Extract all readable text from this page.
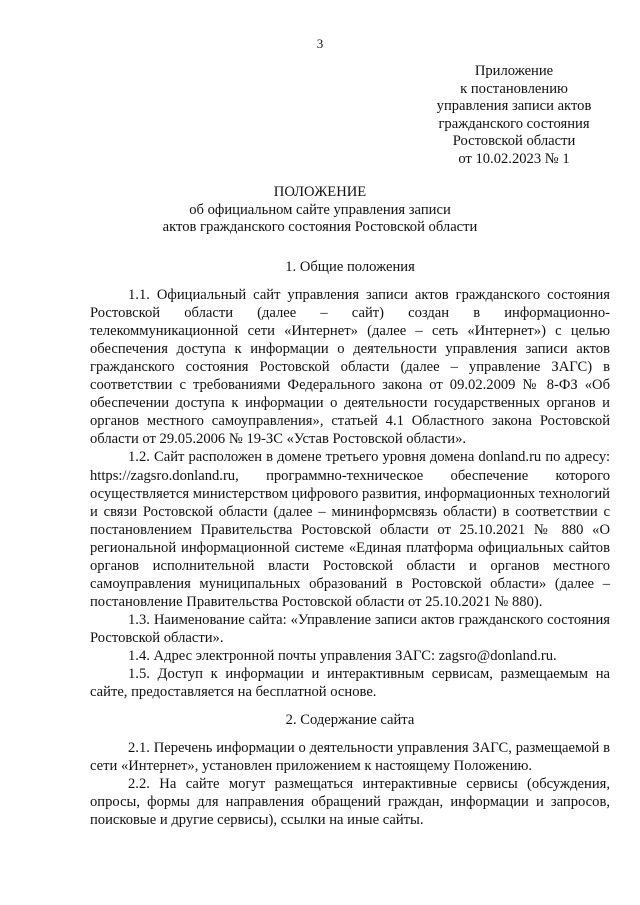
3
Приложение
к постановлению
управления записи актов
гражданского состояния
Ростовской области
от 10.02.2023 № 1
ПОЛОЖЕНИЕ
об официальном сайте управления записи
актов гражданского состояния Ростовской области

1. Общие положения

1.1. Официальный сайт управления записи актов гражданского состояния Ростовской области (далее – сайт) создан в информационно-телекоммуникационной сети «Интернет» (далее – сеть «Интернет») с целью обеспечения доступа к информации о деятельности управления записи актов гражданского состояния Ростовской области (далее – управление ЗАГС) в соответствии с требованиями Федерального закона от 09.02.2009 № 8-ФЗ «Об обеспечении доступа к информации о деятельности государственных органов и органов местного самоуправления», статьей 4.1 Областного закона Ростовской области от 29.05.2006 № 19-ЗС «Устав Ростовской области».

1.2. Сайт расположен в домене третьего уровня домена donland.ru по адресу: https://zagsro.donland.ru, программно-техническое обеспечение которого осуществляется министерством цифрового развития, информационных технологий и связи Ростовской области (далее – мининформсвязь области) в соответствии с постановлением Правительства Ростовской области от 25.10.2021 № 880 «О региональной информационной системе «Единая платформа официальных сайтов органов исполнительной власти Ростовской области и органов местного самоуправления муниципальных образований в Ростовской области» (далее – постановление Правительства Ростовской области от 25.10.2021 № 880).

1.3. Наименование сайта: «Управление записи актов гражданского состояния Ростовской области».

1.4. Адрес электронной почты управления ЗАГС: zagsro@donland.ru.

1.5. Доступ к информации и интерактивным сервисам, размещаемым на сайте, предоставляется на бесплатной основе.

2. Содержание сайта

2.1. Перечень информации о деятельности управления ЗАГС, размещаемой в сети «Интернет», установлен приложением к настоящему Положению.

2.2. На сайте могут размещаться интерактивные сервисы (обсуждения, опросы, формы для направления обращений граждан, информации и запросов, поисковые и другие сервисы), ссылки на иные сайты.
